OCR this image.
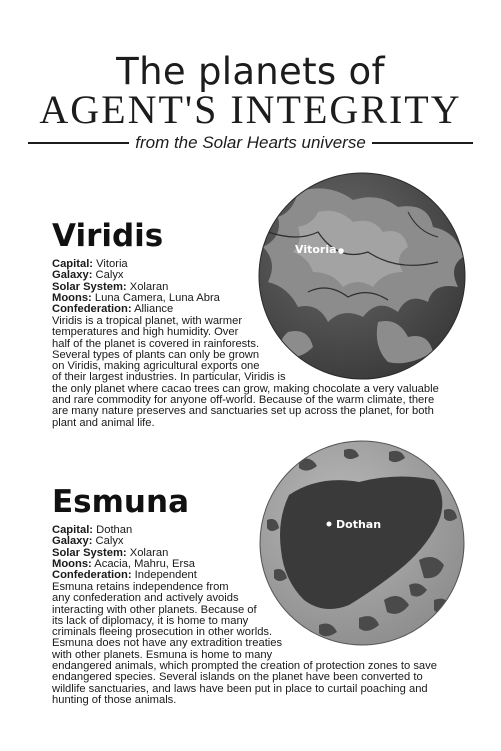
The planets of
AGENT'S INTEGRITY
from the Solar Hearts universe
Vitoria
Viridis
Capital: Vitoria
Galaxy: Calyx
Solar System: Xolaran
Moons: Luna Camera, Luna Abra
Confederation: Alliance
Viridis is a tropical planet, with warmer
temperatures and high humidity. Over
half of the planet is covered in rainforests.
Several types of plants can only be grown
on Viridis, making agricultural exports one
of their largest industries. In particular, Viridis is
the only planet where cacao trees can grow, making chocolate a very valuable
and rare commodity for anyone off-world. Because of the warm climate, there
are many nature preserves and sanctuaries set up across the planet, for both
plant and animal life.
Dothan
Esmuna
Capital: Dothan
Galaxy: Calyx
Solar System: Xolaran
Moons: Acacia, Mahru, Ersa
Confederation: Independent
Esmuna retains independence from
any confederation and actively avoids
interacting with other planets. Because of
its lack of diplomacy, it is home to many
criminals fleeing prosecution in other worlds.
Esmuna does not have any extradition treaties
with other planets. Esmuna is home to many
endangered animals, which prompted the creation of protection zones to save
endangered species. Several islands on the planet have been converted to
wildlife sanctuaries, and laws have been put in place to curtail poaching and
hunting of those animals.
